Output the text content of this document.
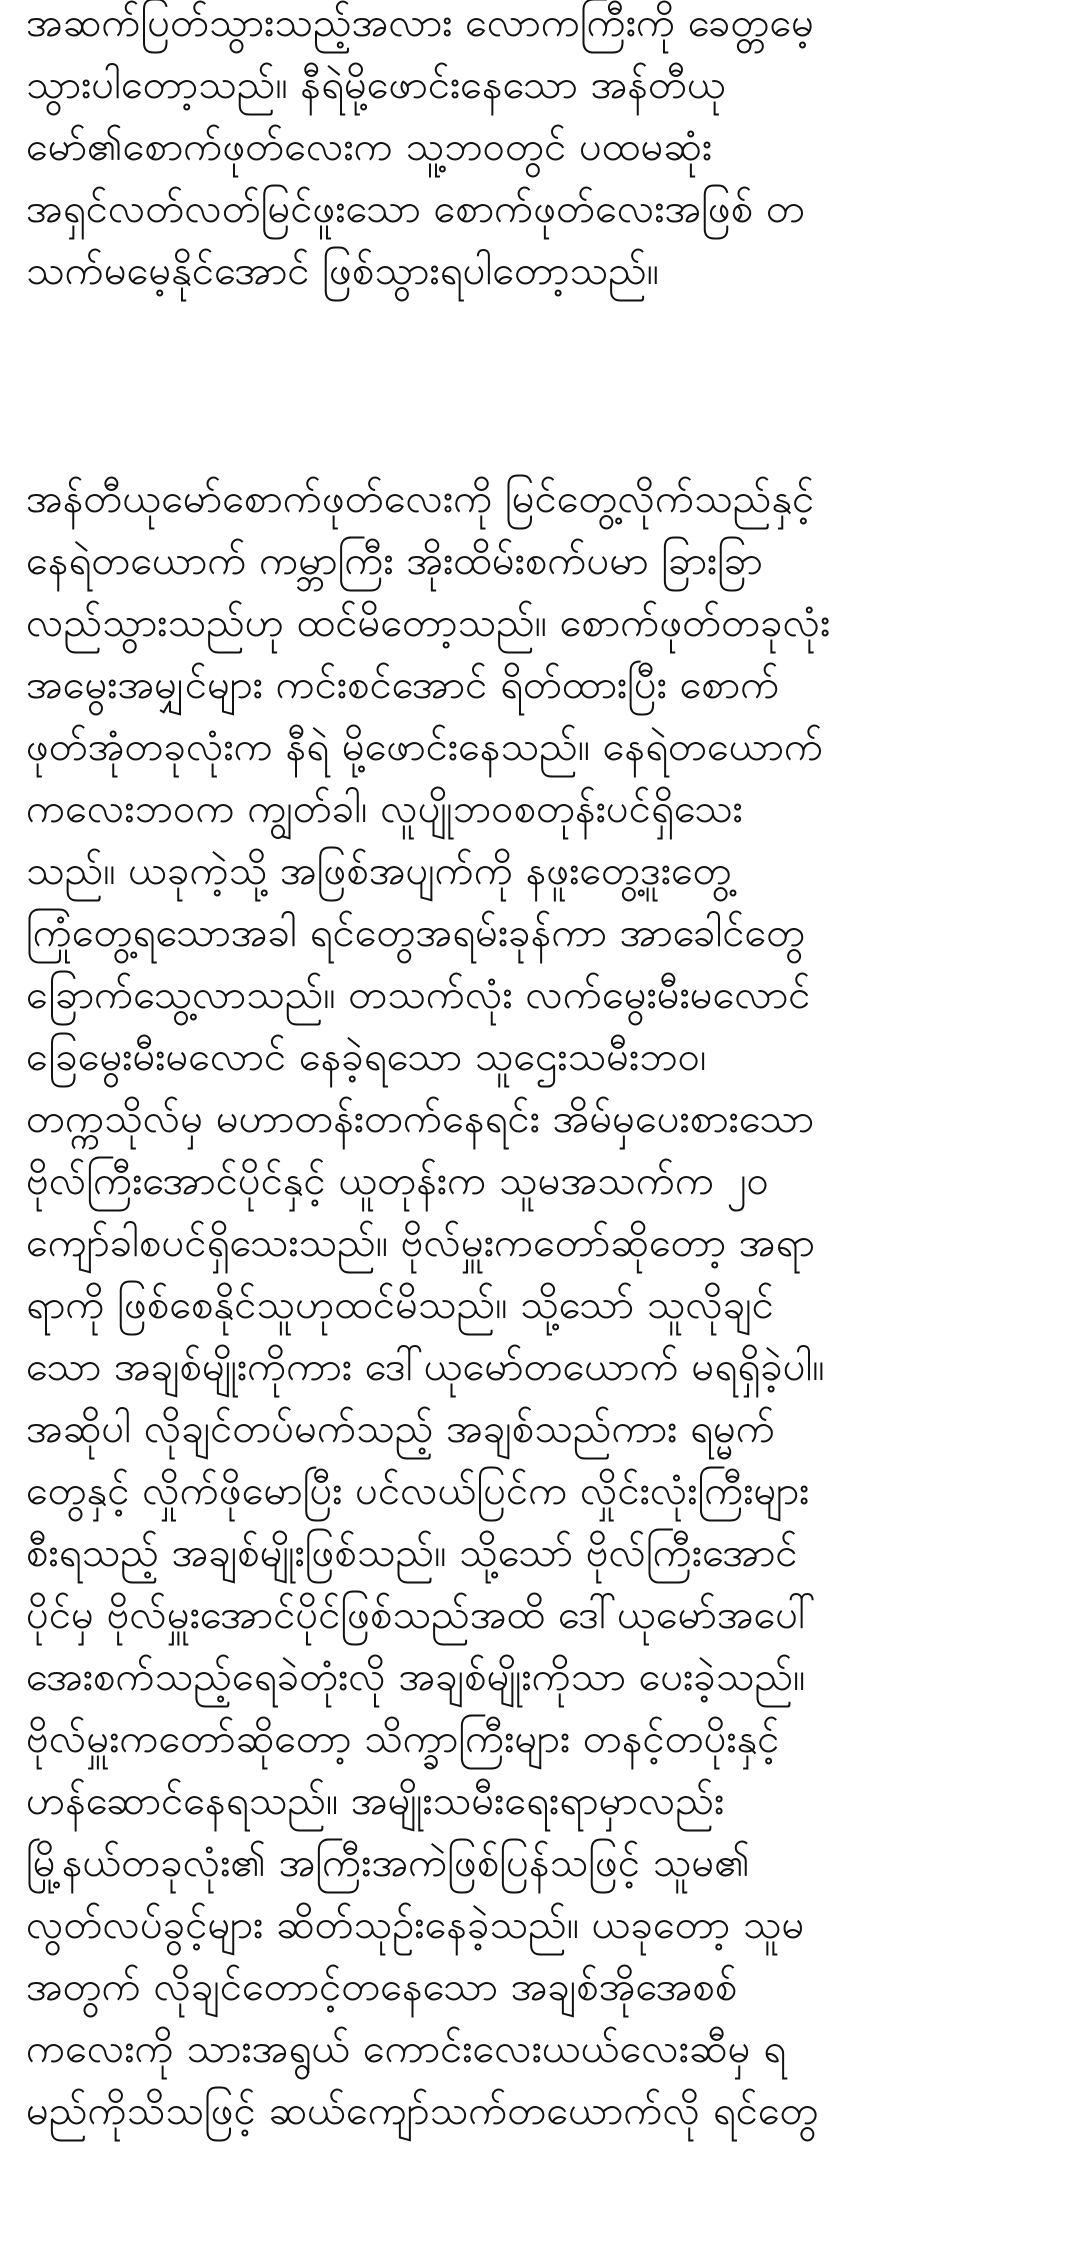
အဆက်ပြတ်သွားသည့်အလား လောကကြီးကို ခေတ္တမေ့
သွားပါတော့သည်။ နီရဲမို့ဖောင်းနေသော အန်တီယု
မော်၏စောက်ဖုတ်လေးက သူ့ဘဝတွင် ပထမဆုံး
အရှင်လတ်လတ်မြင်ဖူးသော စောက်ဖုတ်လေးအဖြစ် တ
သက်မမေ့နိုင်အောင် ဖြစ်သွားရပါတော့သည်။

အန်တီယုမော်စောက်ဖုတ်လေးကို မြင်တွေ့လိုက်သည်နှင့်
နေရဲတယောက် ကမ္ဘာကြီး အိုးထိမ်းစက်ပမာ ခြားခြာ
လည်သွားသည်ဟု ထင်မိတော့သည်။ စောက်ဖုတ်တခုလုံး
အမွေးအမျှင်များ ကင်းစင်အောင် ရိတ်ထားပြီး စောက်
ဖုတ်အုံတခုလုံးက နီရဲ မို့ဖောင်းနေသည်။ နေရဲတယောက်
ကလေးဘဝက ကျွတ်ခါ၊ လူပျိုဘဝစတုန်းပင်ရှိသေး
သည်။ ယခုကဲ့သို့ အဖြစ်အပျက်ကို နဖူးတွေ့ဒူးတွေ့
ကြုံတွေ့ရသောအခါ ရင်တွေအရမ်းခုန်ကာ အာခေါင်တွေ
ခြောက်သွေ့လာသည်။ တသက်လုံး လက်မွေးမီးမလောင်
ခြေမွေးမီးမလောင် နေခဲ့ရသော သူဌေးသမီးဘဝ၊
တက္ကသိုလ်မှ မဟာတန်းတက်နေရင်း အိမ်မှပေးစားသော
ဗိုလ်ကြီးအောင်ပိုင်နှင့် ယူတုန်းက သူမအသက်က ၂၀
ကျော်ခါစပင်ရှိသေးသည်။ ဗိုလ်မှူးကတော်ဆိုတော့ အရာ
ရာကို ဖြစ်စေနိုင်သူဟုထင်မိသည်။ သို့သော် သူလိုချင်
သော အချစ်မျိုးကိုကား ဒေါ်ယုမော်တယောက် မရရှိခဲ့ပါ။
အဆိုပါ လိုချင်တပ်မက်သည့် အချစ်သည်ကား ရမ္မက်
တွေနှင့် လှိုက်ဖိုမောပြီး ပင်လယ်ပြင်က လှိုင်းလုံးကြီးများ
စီးရသည့် အချစ်မျိုးဖြစ်သည်။ သို့သော် ဗိုလ်ကြီးအောင်
ပိုင်မှ ဗိုလ်မှူးအောင်ပိုင်ဖြစ်သည်အထိ ဒေါ်ယုမော်အပေါ်
အေးစက်သည့်ရေခဲတုံးလို အချစ်မျိုးကိုသာ ပေးခဲ့သည်။
ဗိုလ်မှူးကတော်ဆိုတော့ သိက္ခာကြီးများ တနင့်တပိုးနှင့်
ဟန်ဆောင်နေရသည်။ အမျိုးသမီးရေးရာမှာလည်း
မြို့နယ်တခုလုံး၏ အကြီးအကဲဖြစ်ပြန်သဖြင့် သူမ၏
လွတ်လပ်ခွင့်များ ဆိတ်သုဉ်းနေခဲ့သည်။ ယခုတော့ သူမ
အတွက် လိုချင်တောင့်တနေသော အချစ်အိုအေစစ်
ကလေးကို သားအရွယ် ကောင်းလေးယယ်လေးဆီမှ ရ
မည်ကိုသိသဖြင့် ဆယ်ကျော်သက်တယောက်လို ရင်တွေ
